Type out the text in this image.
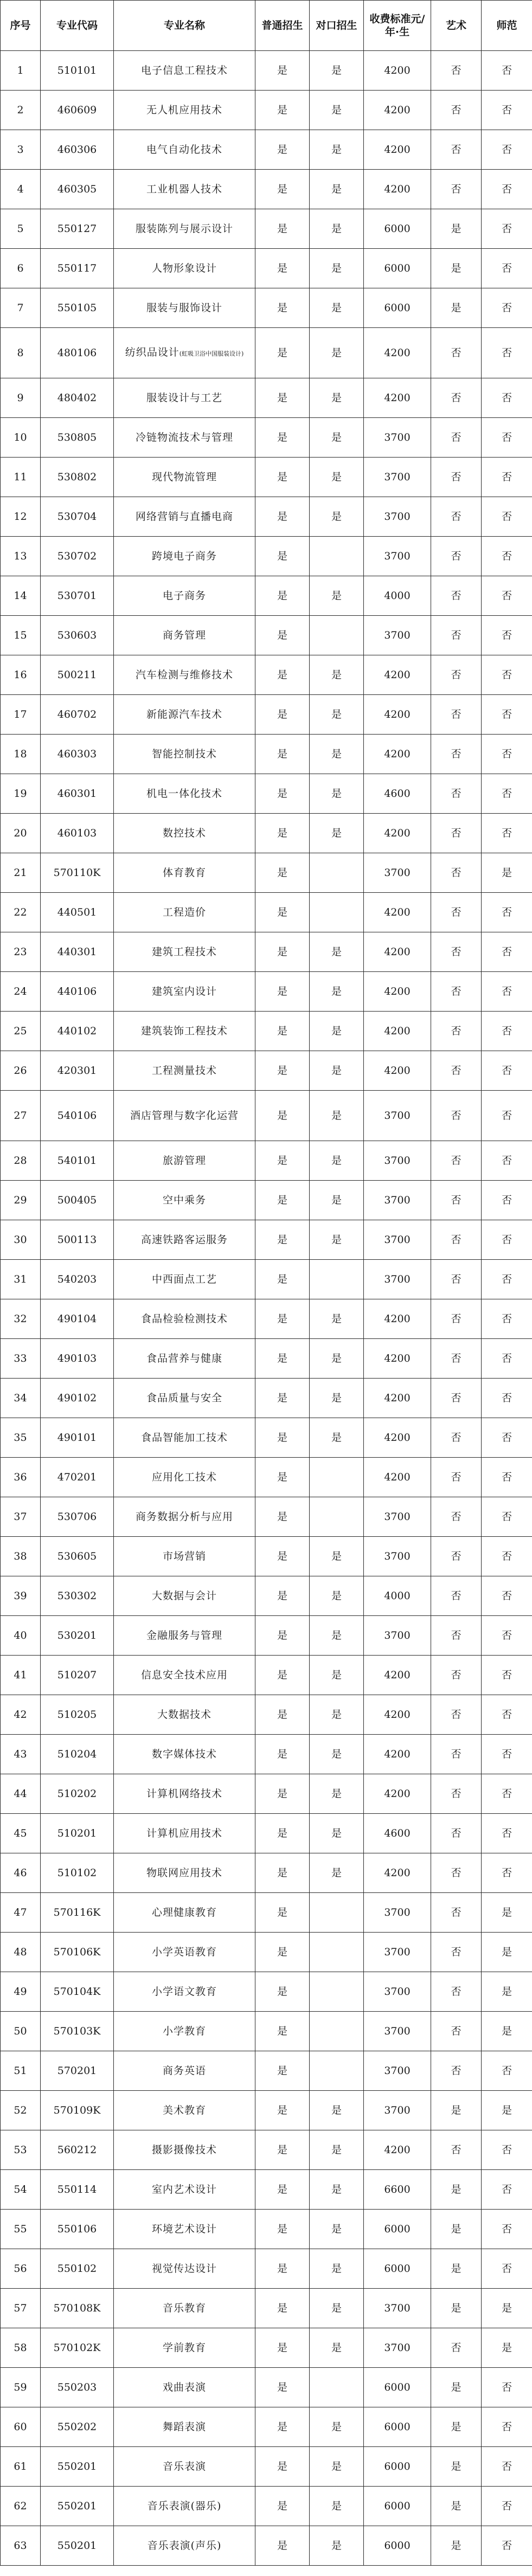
序号	专业代码	专业名称	普通招生	对口招生	收费标准元/年·生	艺术	师范
1	510101	电子信息工程技术	是	是	4200	否	否
2	460609	无人机应用技术	是	是	4200	否	否
3	460306	电气自动化技术	是	是	4200	否	否
4	460305	工业机器人技术	是	是	4200	否	否
5	550127	服装陈列与展示设计	是	是	6000	是	否
6	550117	人物形象设计	是	是	6000	是	否
7	550105	服装与服饰设计	是	是	6000	是	否
8	480106	纺织品设计(虹吸卫浴中国服装设计)	是	是	4200	否	否
9	480402	服装设计与工艺	是	是	4200	否	否
10	530805	冷链物流技术与管理	是	是	3700	否	否
11	530802	现代物流管理	是	是	3700	否	否
12	530704	网络营销与直播电商	是	是	3700	否	否
13	530702	跨境电子商务	是		3700	否	否
14	530701	电子商务	是	是	4000	否	否
15	530603	商务管理	是		3700	否	否
16	500211	汽车检测与维修技术	是	是	4200	否	否
17	460702	新能源汽车技术	是	是	4200	否	否
18	460303	智能控制技术	是	是	4200	否	否
19	460301	机电一体化技术	是	是	4600	否	否
20	460103	数控技术	是	是	4200	否	否
21	570110K	体育教育	是		3700	否	是
22	440501	工程造价	是		4200	否	否
23	440301	建筑工程技术	是	是	4200	否	否
24	440106	建筑室内设计	是	是	4200	否	否
25	440102	建筑装饰工程技术	是	是	4200	否	否
26	420301	工程测量技术	是	是	4200	否	否
27	540106	酒店管理与数字化运营	是	是	3700	否	否
28	540101	旅游管理	是	是	3700	否	否
29	500405	空中乘务	是	是	3700	否	否
30	500113	高速铁路客运服务	是	是	3700	否	否
31	540203	中西面点工艺	是		3700	否	否
32	490104	食品检验检测技术	是	是	4200	否	否
33	490103	食品营养与健康	是	是	4200	否	否
34	490102	食品质量与安全	是	是	4200	否	否
35	490101	食品智能加工技术	是	是	4200	否	否
36	470201	应用化工技术	是		4200	否	否
37	530706	商务数据分析与应用	是		3700	否	否
38	530605	市场营销	是	是	3700	否	否
39	530302	大数据与会计	是	是	4000	否	否
40	530201	金融服务与管理	是	是	3700	否	否
41	510207	信息安全技术应用	是	是	4200	否	否
42	510205	大数据技术	是	是	4200	否	否
43	510204	数字媒体技术	是	是	4200	否	否
44	510202	计算机网络技术	是	是	4200	否	否
45	510201	计算机应用技术	是	是	4600	否	否
46	510102	物联网应用技术	是	是	4200	否	否
47	570116K	心理健康教育	是		3700	否	是
48	570106K	小学英语教育	是		3700	否	是
49	570104K	小学语文教育	是		3700	否	是
50	570103K	小学教育	是		3700	否	是
51	570201	商务英语	是		3700	否	否
52	570109K	美术教育	是	是	3700	是	是
53	560212	摄影摄像技术	是	是	4200	否	否
54	550114	室内艺术设计	是	是	6600	是	否
55	550106	环境艺术设计	是	是	6000	是	否
56	550102	视觉传达设计	是	是	6000	是	否
57	570108K	音乐教育	是	是	3700	是	是
58	570102K	学前教育	是	是	3700	否	是
59	550203	戏曲表演	是		6000	是	否
60	550202	舞蹈表演	是	是	6000	是	否
61	550201	音乐表演	是	是	6000	是	否
62	550201	音乐表演(器乐)	是	是	6000	是	否
63	550201	音乐表演(声乐)	是	是	6000	是	否
